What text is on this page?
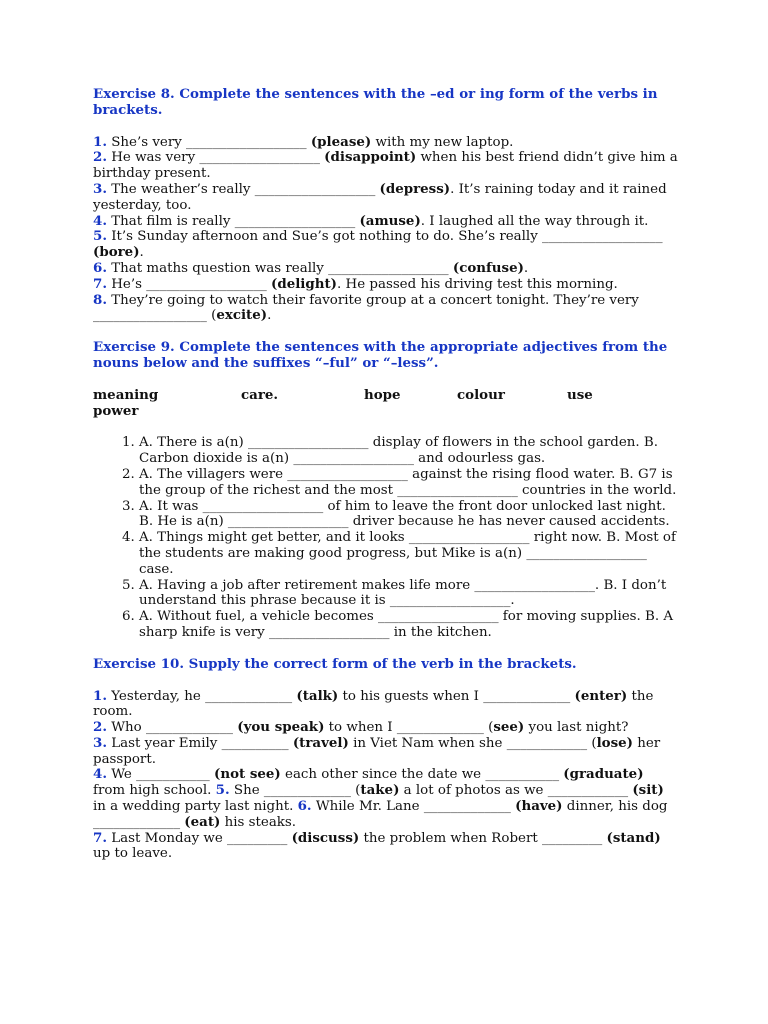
Exercise 8. Complete the sentences with the –ed or ing form of the verbs in brackets.

1. She’s very __________________ (please) with my new laptop.

2. He was very __________________ (disappoint) when his best friend didn’t give him a birthday present.

3. The weather’s really __________________ (depress). It’s raining today and it rained yesterday, too.

4. That film is really __________________ (amuse). I laughed all the way through it.

5. It’s Sunday afternoon and Sue’s got nothing to do. She’s really __________________ (bore).

6. That maths question was really __________________ (confuse).

7. He’s __________________ (delight). He passed his driving test this morning.

8. They’re going to watch their favorite group at a concert tonight. They’re very _________________ (excite).

Exercise 9. Complete the sentences with the appropriate adjectives from the nouns below and the suffixes “–ful” or “–less”.

meaning	care.	hope	colour	use

power

1. A. There is a(n) __________________ display of flowers in the school garden. B. Carbon dioxide is a(n) __________________ and odourless gas.
2. A. The villagers were __________________ against the rising flood water. B. G7 is the group of the richest and the most __________________ countries in the world.
3. A. It was __________________ of him to leave the front door unlocked last night. B. He is a(n) __________________ driver because he has never caused accidents.
4. A. Things might get better, and it looks __________________ right now. B. Most of the students are making good progress, but Mike is a(n) __________________ case.
5. A. Having a job after retirement makes life more __________________. B. I don’t understand this phrase because it is __________________.
6. A. Without fuel, a vehicle becomes __________________ for moving supplies. B. A sharp knife is very __________________ in the kitchen.

Exercise 10. Supply the correct form of the verb in the brackets.

1. Yesterday, he _____________ (talk) to his guests when I _____________ (enter) the room.

2. Who _____________ (you speak) to when I _____________ (see) you last night?

3. Last year Emily __________ (travel) in Viet Nam when she ____________ (lose) her passport.

4. We ___________ (not see) each other since the date we ___________ (graduate) from high school. 5. She _____________ (take) a lot of photos as we ____________ (sit) in a wedding party last night. 6. While Mr. Lane _____________ (have) dinner, his dog _____________ (eat) his steaks.

7. Last Monday we _________ (discuss) the problem when Robert _________ (stand) up to leave.
